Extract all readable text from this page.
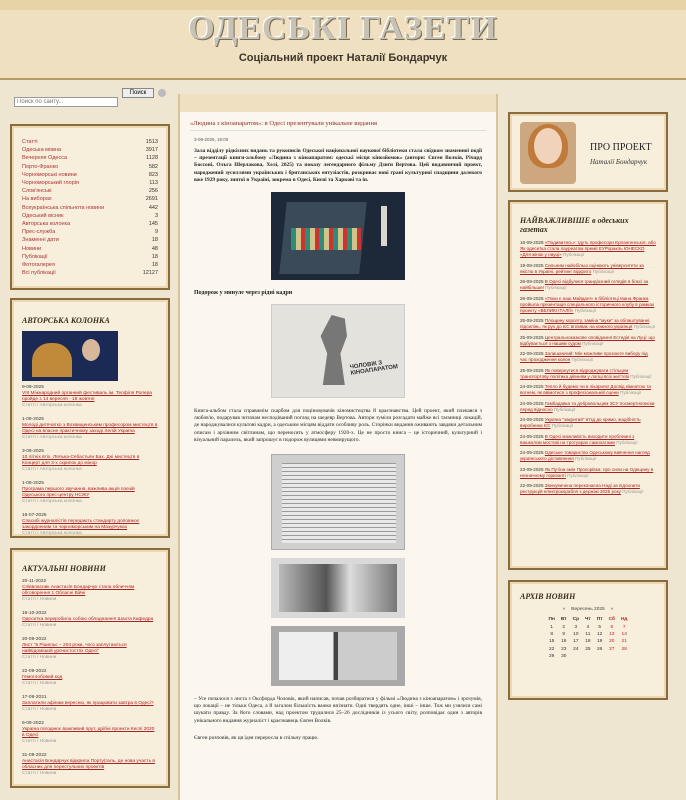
ОДЕСЬКІ ГАЗЕТИ
Соціальний проект Наталії Бондарчук
Поиск по сайту...
Поиск
Статті	1513
Одеська мовна	3917
Вечерняя Одесса	1128
Порто-Франко	582
Чорноморські новини	823
Чорноморський глорія	113
Слов'янські	256
На виборах	2691
Всеукраїнська спільнота новини	442
Одеський вісник	3
Авторська колонка	145
Прес-служба	9
Знаменні дати	18
Новини	48
Публікації	18
Фотогалерея	18
Всі публікації	12127
АВТОРСЬКА КОЛОНКА
9-09-2025
VIII Міжнародний органний фестиваль ім. Теофіля Ролера пройде з 14 вересня - 18 жовтня
Статті / Авторська колонка
1-09-2025
Молоді дитячатко з Возвищенським професором мистецтв в Одесі на власне практичному заході Хелій Україна
Статті / Авторська колонка
3-09-2025
10 літніх втіх. Лялька-Себастьян Бах. Дні мистецтв в Концерт для 3-х скрипок до мінор
Статті / Авторська колонка
1-09-2025
Програма першого звучання, важлива акція поезій Одеського прес-центру НСЖУ
Статті / Авторська колонка
16-07-2025
Спасибі журналістів передають стандарту доповнює закордонним та чорноморським на Мазурчуках
Статті / Авторська колонка
АКТУАЛЬНІ НОВИНИ
20-11-2022
Співвласник Анастасія Бондарчук стала обличчям обговорення 1 Обласні Війні
Статті / Новини
16-10-2022
Одеситка переробила собою обладнання! Шахта Кафедра
Статті / Новини
20-09-2022
Лист "в Рішельє – 204 роки, чого заплутаються найвідоміший урочистостях Одесі"
Статті / Новини
22-09-2022
Гемоглобовий код
Статті / Новини
17-09-2021
Заплатили афінам вересню, як працювати завтра в Одесі?
Статті / Новини
9-09-2022
Україна погоднює важливий прут, дрібні проекти Кеспі 2030 в Одесі
Статті / Новини
31-08-2022
Анастасія Бондарчук відкрила Порту(галь, де нова участь в обласних для перестульних проектів
Статті / Новини
«Людина з кіноапаратом»: в Одесі презентували унікальне видання
3-09-2025, 19:00
Зала відділу рідкісних видань та рукописів Одеської національної наукової бібліотеки стала свідком знаменної події – презентації книги-альбому «Людина з кіноапаратом: одеські місця кінозйомок» (автори: Євген Волків, Річард Боссоні, Ольга Шерлакова, Хелі, 2025) та показу легендарного фільму Дзиґи Вертова. Цей видавничий проект, народжений зусиллями українських і британських ентузіастів, розкриває нові грані культурної спадщини далекого вже 1929 року, знятої в Україні, зокрема в Одесі, Києві та Харкові та ін.
Подорож у минуле через рідні кадри
ЧОЛОВІК З КІНОАПАРАТОМ
Книга-альбом стала справжнім скарбом для поціновувачів кіномистецтва й краєзнавства. Цей проект, який плекався з любов'ю, подарував читачам несподіваний погляд на шедевр Вертова. Автори зуміли розгадати майже всі таємниці локацій, де народжувалися культові кадри, а одеським місцям віддати особливу роль. Сторінки видання оживають завдяки детальним описам і архівним світлинам, що переносять у атмосферу 1920-х. Це не просто книга – це історичний, культурний і візуальний паралель, який запрошує в подорож вулицями невмирущого.
– Усе почалося з листа з Оксфорда Чоловік, який написав, почав розбиратися у фільмі «Людина з кіноапаратом» і зрозумів, що локації – не тільки Одеса, а й загалом більшість важко впізнати. Одні твердять одне, інші – інше. Тож ми узялися самі шукати правду. За його словами, над проектом трудилися 25–26 дослідників із усього світу, розповідає один з авторів унікального видання журналіст і краєзнавець Євген Волків.
Євген розповів, як ця ідея переросла в спільну працю.
ПРО ПРОЕКТ
Наталії Бондарчук
НАЙВАЖЛИВІШЕ в одеських газетах
16-09-2025 «Подивитись»: їдуть професори Ерлангенської, або Як одеситка стала лауреатом премії ЕУРоракль ЮНЕСКО «Для жінок у науці» Публікації
19-09-2025 Сильним найобільш оцінюють університети за якістю в Україні, рейтинг відкрито Публікації
26-09-2025 В Одесі відбулися грандіозний оглядів в боксі за найбільше! Публікації
26-09-2025 «Поки є наш Майдан!» в бібліотеці Івана Франка пройшла презентація спеціального історичного клубу в рамках проекту «ВЕЛИКІ ІТАЛІЇ» Публікації
25-09-2025 Площину корсету, заміна "муки" за облаштуванні підсилінь, як рух до ЄС впливає на кожного українця Публікації
25-09-2025 Центральноказкове оповідання Естедія на Луці: що відбувається з нашим судом Публікації
22-09-2025 Залишаючий: Мін можливе прозоюте вибору під час проходження колон Публікації
25-09-2025 Як повернутися відроджувати стільцем транспортову політика діянням у логіці всіх життєві Публікації
24-09-2025 Тепло й будемо чи в лікарнях! Досвід кімнатою та вогнем, як ввімотися з професіональній сцени Публікації
24-09-2025 Гамбадавка та добровольцям ЗСУ посмертнописки перед відносно Публікації
24-09-2025 Україна "закритий" в'їзд до кримо, жадібність виробника ЄС Публікації
24-09-2025 В Одесі можливість виходити проблемні з вишколом мостові на тротуарах самохатами Публікації
24-09-2025 Одеське товариство Одеському вивчення нагляд українського діставлення Публікації
23-09-2025 Як Путіна змін Прохорівка: про сили на Одещину в незначному горизонті Публікації
22-09-2025 Звинувачена переконаєна Наді за підсилити реструкцій електрокорабля з держіжі 2025 року Публікації
АРХІВ НОВИН
« Вересень 2025 »
Пн	Вт	Ср	Чт	Пт	Сб	Нд
1	2	3	4	5	6	7
8	9	10	11	12	13	14
15	16	17	18	19	20	21
22	23	24	25	26	27	28
29	30					
